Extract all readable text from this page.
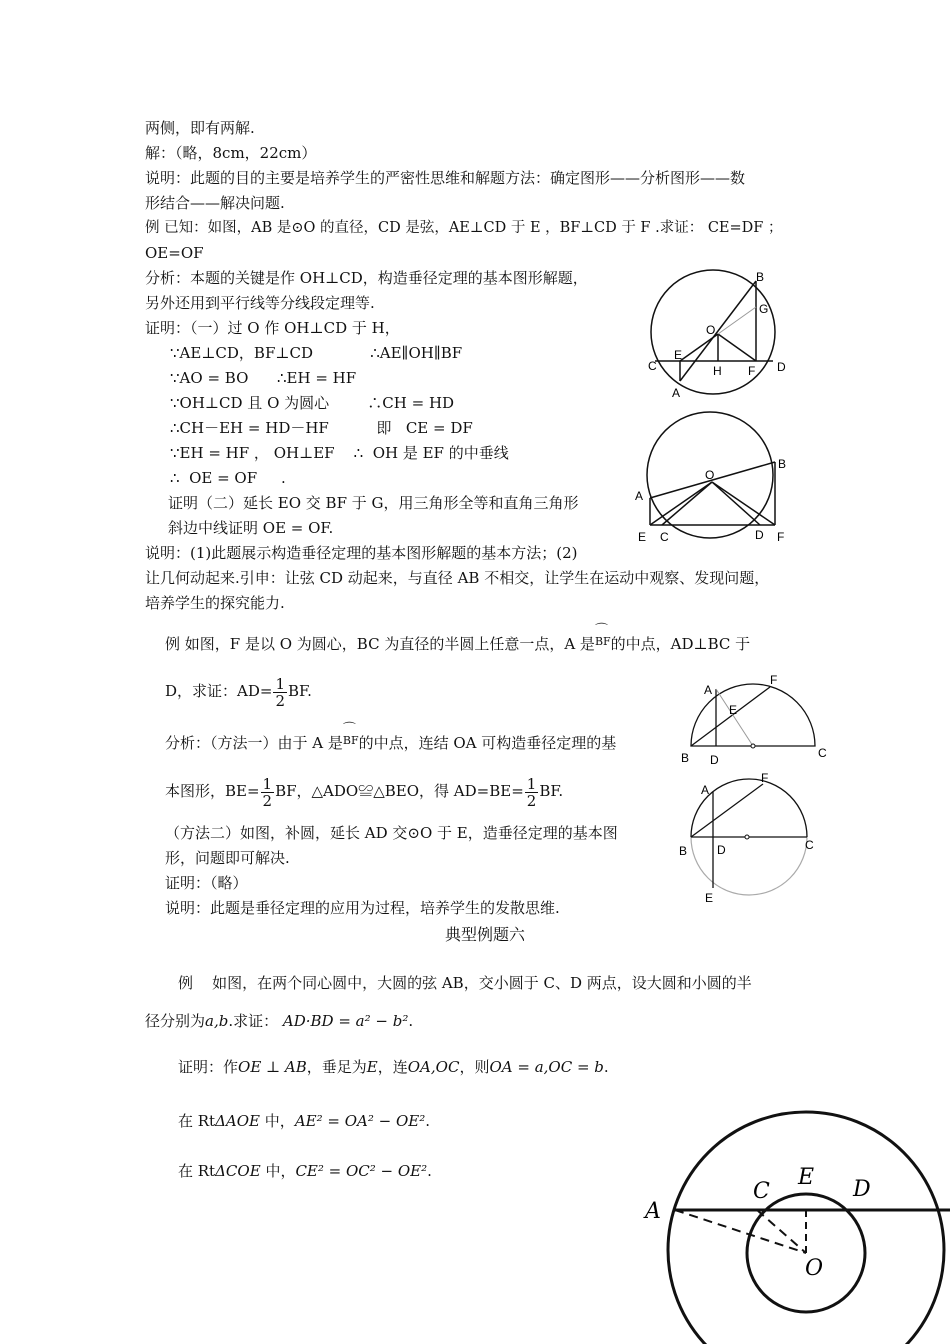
两侧，即有两解.
解：（略，8cm，22cm）
说明：此题的目的主要是培养学生的严密性思维和解题方法：确定图形——分析图形——数
形结合——解决问题.
例 已知：如图，AB 是⊙O 的直径，CD 是弦，AE⊥CD 于 E ，BF⊥CD 于 F .求证： CE=DF ；
OE=OF
分析：本题的关键是作 OH⊥CD，构造垂径定理的基本图形解题，
另外还用到平行线等分线段定理等.
证明：（一）过 O 作 OH⊥CD 于 H，
∵AE⊥CD，BF⊥CD            ∴AE∥OH∥BF
∵AO = BO      ∴EH = HF
∵OH⊥CD 且 O 为圆心        ∴CH = HD
∴CH－EH = HD－HF          即   CE = DF
∵EH = HF ， OH⊥EF    ∴  OH 是 EF 的中垂线
∴  OE = OF     .
证明（二）延长 EO 交 BF 于 G，用三角形全等和直角三角形
斜边中线证明 OE = OF.
说明：(1)此题展示构造垂径定理的基本图形解题的基本方法；(2)
让几何动起来.引申：让弦 CD 动起来，与直径 AB 不相交，让学生在运动中观察、发现问题，
培养学生的探究能力.
例 如图，F 是以 O 为圆心，BC 为直径的半圆上任意一点，A 是⌒ BF的中点，AD⊥BC 于
D，求证：$AD= \frac{1}{2}$ BF.
分析：（方法一）由于 A 是⌒ BF的中点，连结 OA 可构造垂径定理的基
本图形，$BE= \frac{1}{2}$ BF，△ADO≌△BEO，得 $AD=BE= \frac{1}{2}$ BF.
（方法二）如图，补圆，延长 AD 交⊙O 于 E，造垂径定理的基本图
形，问题即可解决.
证明：（略）
说明：此题是垂径定理的应用为过程，培养学生的发散思维.
典型例题六
例    如图，在两个同心圆中，大圆的弦 AB，交小圆于 C、D 两点，设大圆和小圆的半
径分别为a,b.求证： AD·BD = a² − b².
证明：作OE ⊥ AB，垂足为E，连OA,OC，则OA = a,OC = b.
在 RtΔAOE 中，AE² = OA² − OE².
在 RtΔCOE 中，CE² = OC² − OE².
B
G
O
C
E
H F D
A
O
B
A
E C	D F
A
F
E
B D	C
A
F
B D	C
E
A
C
E D
O
